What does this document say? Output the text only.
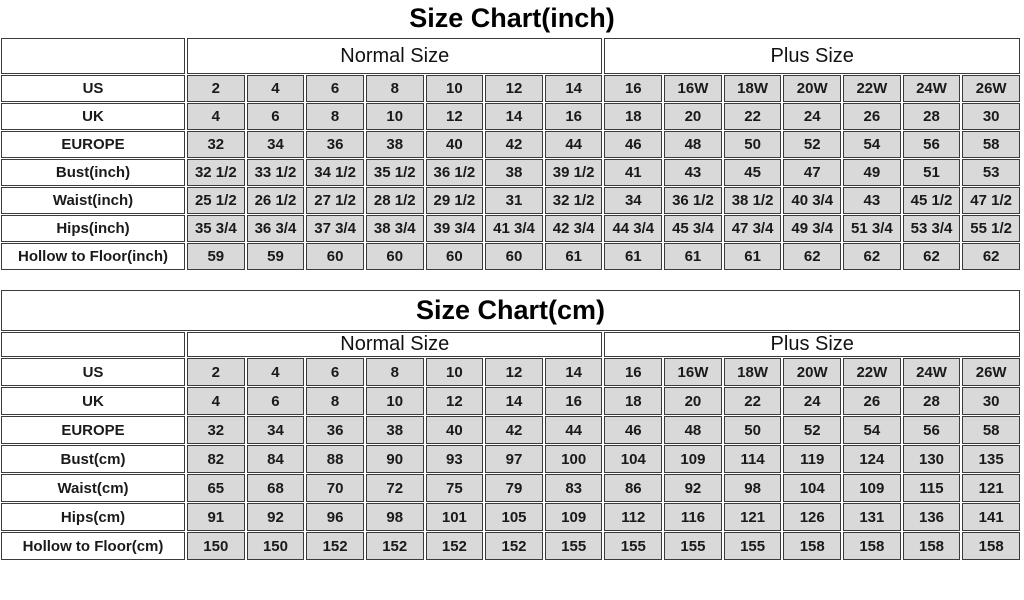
Size Chart(inch)
	Normal Size							Plus Size						
US	2	4	6	8	10	12	14	16	16W	18W	20W	22W	24W	26W
UK	4	6	8	10	12	14	16	18	20	22	24	26	28	30
EUROPE	32	34	36	38	40	42	44	46	48	50	52	54	56	58
Bust(inch)	32 1/2	33 1/2	34 1/2	35 1/2	36 1/2	38	39 1/2	41	43	45	47	49	51	53
Waist(inch)	25 1/2	26 1/2	27 1/2	28 1/2	29 1/2	31	32 1/2	34	36 1/2	38 1/2	40 3/4	43	45 1/2	47 1/2
Hips(inch)	35 3/4	36 3/4	37 3/4	38 3/4	39 3/4	41 3/4	42 3/4	44 3/4	45 3/4	47 3/4	49 3/4	51 3/4	53 3/4	55 1/2
Hollow to Floor(inch)	59	59	60	60	60	60	61	61	61	61	62	62	62	62
Size Chart(cm)														
	Normal Size							Plus Size						
US	2	4	6	8	10	12	14	16	16W	18W	20W	22W	24W	26W
UK	4	6	8	10	12	14	16	18	20	22	24	26	28	30
EUROPE	32	34	36	38	40	42	44	46	48	50	52	54	56	58
Bust(cm)	82	84	88	90	93	97	100	104	109	114	119	124	130	135
Waist(cm)	65	68	70	72	75	79	83	86	92	98	104	109	115	121
Hips(cm)	91	92	96	98	101	105	109	112	116	121	126	131	136	141
Hollow to Floor(cm)	150	150	152	152	152	152	155	155	155	155	158	158	158	158
